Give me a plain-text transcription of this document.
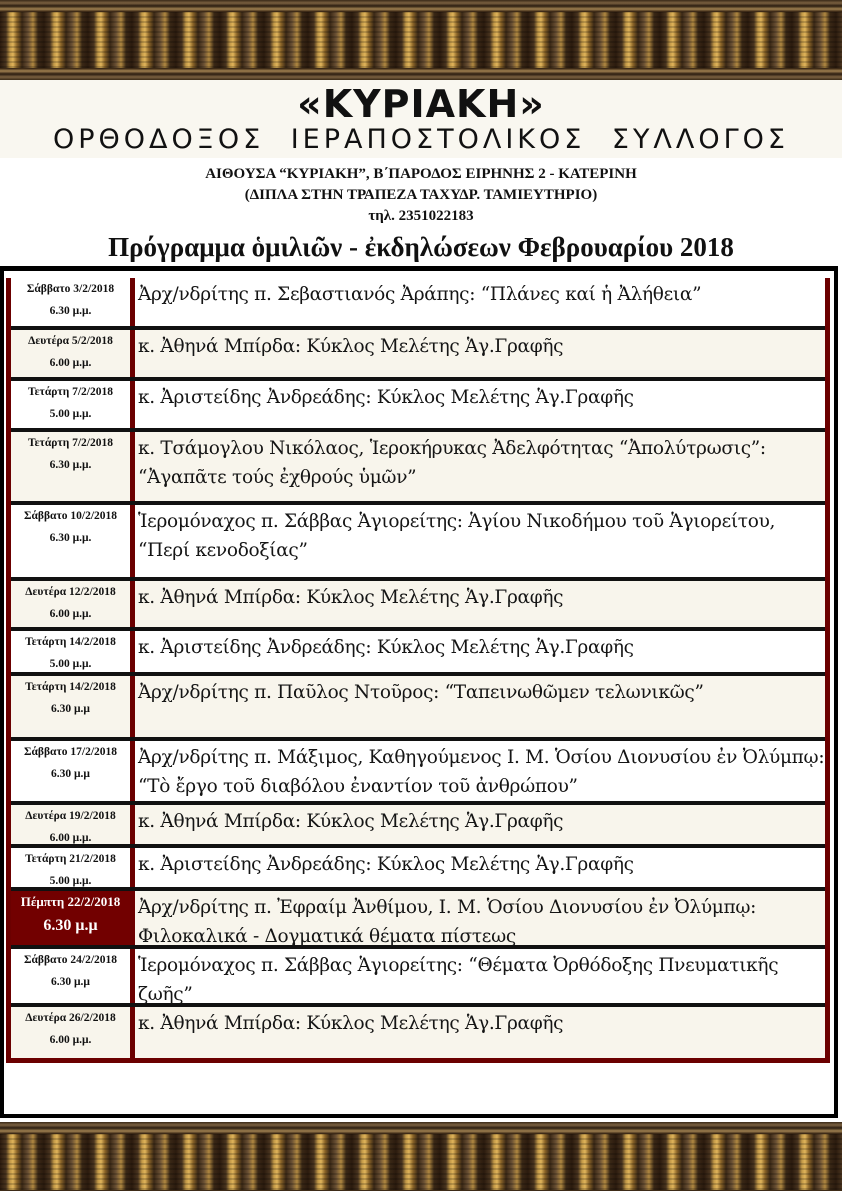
«ΚΥΡΙΑΚΗ»
ΟΡΘΟΔΟΞΟΣ ΙΕΡΑΠΟΣΤΟΛΙΚΟΣ ΣΥΛΛΟΓΟΣ
ΑΙΘΟΥΣΑ “ΚΥΡΙΑΚΗ”, Β΄ΠΑΡΟΔΟΣ ΕΙΡΗΝΗΣ 2 - ΚΑΤΕΡΙΝΗ
(ΔΙΠΛΑ ΣΤΗΝ ΤΡΑΠΕΖΑ ΤΑΧΥΔΡ. ΤΑΜΙΕΥΤΗΡΙΟ)
τηλ. 2351022183
Πρόγραμμα ὁμιλιῶν - ἐκδηλώσεων Φεβρουαρίου 2018
Σάββατο 3/2/2018
6.30 μ.μ.
Ἀρχ/νδρίτης π. Σεβαστιανός Ἀράπης: “Πλάνες καί ἡ Ἀλήθεια”
Δευτέρα 5/2/2018
6.00 μ.μ.
κ. Ἀθηνά Μπίρδα: Κύκλος Μελέτης Ἁγ.Γραφῆς
Τετάρτη 7/2/2018
5.00 μ.μ.
κ. Ἀριστείδης Ἀνδρεάδης: Κύκλος Μελέτης Ἁγ.Γραφῆς
Τετάρτη 7/2/2018
6.30 μ.μ.
κ. Τσάμογλου Νικόλαος, Ἱεροκήρυκας Ἀδελφότητας “Ἀπολύτρωσις”: “Ἀγαπᾶτε τούς ἐχθρούς ὑμῶν”
Σάββατο 10/2/2018
6.30 μ.μ.
Ἱερομόναχος π. Σάββας Ἁγιορείτης: Ἁγίου Νικοδήμου τοῦ Ἁγιορείτου, “Περί κενοδοξίας”
Δευτέρα 12/2/2018
6.00 μ.μ.
κ. Ἀθηνά Μπίρδα: Κύκλος Μελέτης Ἁγ.Γραφῆς
Τετάρτη 14/2/2018
5.00 μ.μ.
κ. Ἀριστείδης Ἀνδρεάδης: Κύκλος Μελέτης Ἁγ.Γραφῆς
Τετάρτη 14/2/2018
6.30 μ.μ
Ἀρχ/νδρίτης π. Παῦλος Ντοῦρος: “Ταπεινωθῶμεν τελωνικῶς”
Σάββατο 17/2/2018
6.30 μ.μ
Ἀρχ/νδρίτης π. Μάξιμος, Καθηγούμενος Ι. Μ. Ὁσίου Διονυσίου ἐν Ὀλύμπῳ: “Τὸ ἔργο τοῦ διαβόλου ἐναντίον τοῦ ἀνθρώπου”
Δευτέρα 19/2/2018
6.00 μ.μ.
κ. Ἀθηνά Μπίρδα: Κύκλος Μελέτης Ἁγ.Γραφῆς
Τετάρτη 21/2/2018
5.00 μ.μ.
κ. Ἀριστείδης Ἀνδρεάδης: Κύκλος Μελέτης Ἁγ.Γραφῆς
Πέμπτη 22/2/2018
6.30 μ.μ
Ἀρχ/νδρίτης π. Ἐφραίμ Ἀνθίμου, Ι. Μ. Ὁσίου Διονυσίου ἐν Ὀλύμπῳ: Φιλοκαλικά - Δογματικά θέματα πίστεως
Σάββατο 24/2/2018
6.30 μ.μ
Ἱερομόναχος π. Σάββας Ἁγιορείτης: “Θέματα Ὀρθόδοξης Πνευματικῆς ζωῆς”
Δευτέρα 26/2/2018
6.00 μ.μ.
κ. Ἀθηνά Μπίρδα: Κύκλος Μελέτης Ἁγ.Γραφῆς
